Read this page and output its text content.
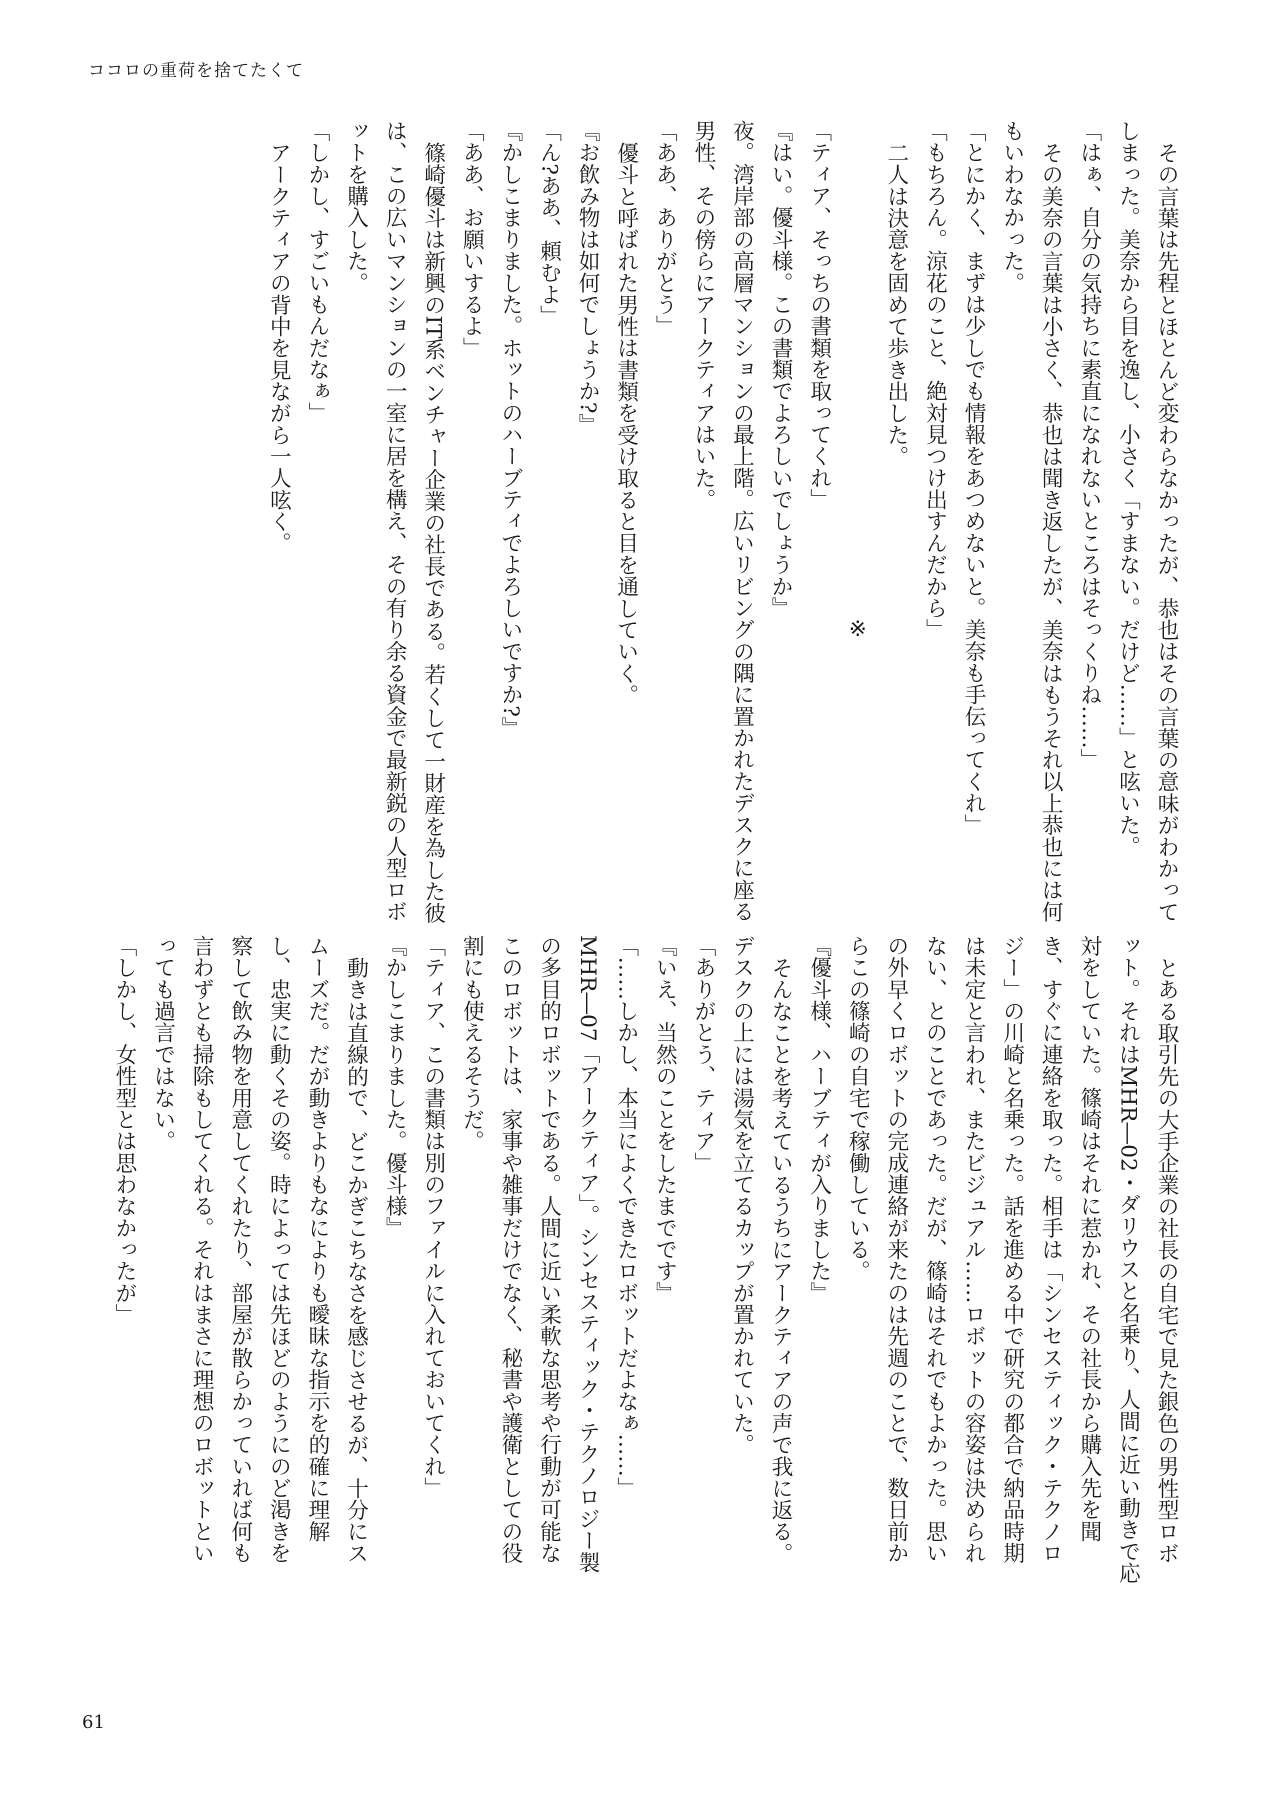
ココロの重荷を捨てたくて

その言葉は先程とほとんど変わらなかったが、恭也はその言葉の意味がわかってしまった。美奈から目を逸し、小さく「すまない。だけど……」と呟いた。

「はぁ、自分の気持ちに素直になれないところはそっくりね……」

その美奈の言葉は小さく、恭也は聞き返したが、美奈はもうそれ以上恭也には何もいわなかった。

「とにかく、まずは少しでも情報をあつめないと。美奈も手伝ってくれ」

「もちろん。涼花のこと、絶対見つけ出すんだから」

二人は決意を固めて歩き出した。

※

「ティア、そっちの書類を取ってくれ」

『はい。優斗様。この書類でよろしいでしょうか』

夜。湾岸部の高層マンションの最上階。広いリビングの隅に置かれたデスクに座る男性、その傍らにアークティアはいた。

「ああ、ありがとう」

優斗と呼ばれた男性は書類を受け取ると目を通していく。

『お飲み物は如何でしょうか?』

「ん?ああ、頼むよ」

『かしこまりました。ホットのハーブティでよろしいですか?』

「ああ、お願いするよ」

篠崎優斗は新興のIT系ベンチャー企業の社長である。若くして一財産を為した彼は、この広いマンションの一室に居を構え、その有り余る資金で最新鋭の人型ロボットを購入した。

「しかし、すごいもんだなぁ」

アークティアの背中を見ながら一人呟く。

とある取引先の大手企業の社長の自宅で見た銀色の男性型ロボット。それはMHR―02・ダリウスと名乗り、人間に近い動きで応対をしていた。篠崎はそれに惹かれ、その社長から購入先を聞き、すぐに連絡を取った。相手は「シンセスティック・テクノロジー」の川崎と名乗った。話を進める中で研究の都合で納品時期は未定と言われ、またビジュアル……ロボットの容姿は決められない、とのことであった。だが、篠崎はそれでもよかった。思いの外早くロボットの完成連絡が来たのは先週のことで、数日前からこの篠崎の自宅で稼働している。

『優斗様、ハーブティが入りました』

そんなことを考えているうちにアークティアの声で我に返る。デスクの上には湯気を立てるカップが置かれていた。

「ありがとう、ティア」

『いえ、当然のことをしたまでです』

「……しかし、本当によくできたロボットだよなぁ……」

MHR―07「アークティア」。シンセスティック・テクノロジー製の多目的ロボットである。人間に近い柔軟な思考や行動が可能なこのロボットは、家事や雑事だけでなく、秘書や護衛としての役割にも使えるそうだ。

「ティア、この書類は別のファイルに入れておいてくれ」

『かしこまりました。優斗様』

動きは直線的で、どこかぎこちなさを感じさせるが、十分にスムーズだ。だが動きよりもなによりも曖昧な指示を的確に理解し、忠実に動くその姿。時によっては先ほどのようにのど渇きを察して飲み物を用意してくれたり、部屋が散らかっていれば何も言わずとも掃除もしてくれる。それはまさに理想のロボットといっても過言ではない。

「しかし、女性型とは思わなかったが」

61
